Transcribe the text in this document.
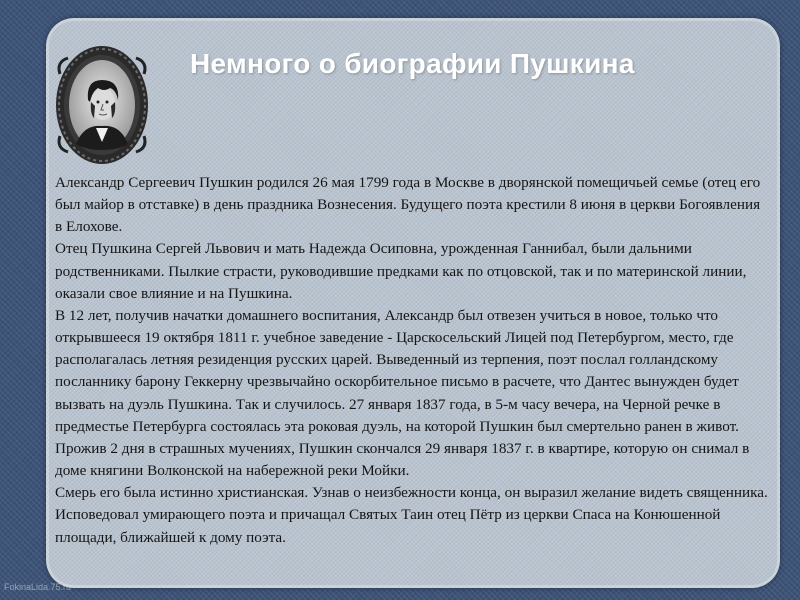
Немного о биографии Пушкина

Александр Сергеевич Пушкин родился 26 мая 1799 года в Москве в дворянской помещичьей семье (отец его был майор в отставке) в день праздника Вознесения. Будущего поэта крестили 8 июня в церкви Богоявления в Елохове.

Отец Пушкина Сергей Львович и мать Надежда Осиповна, урожденная Ганнибал, были дальними родственниками. Пылкие страсти, руководившие предками как по отцовской, так и по материнской линии, оказали свое влияние и на Пушкина.

В 12 лет, получив начатки домашнего воспитания, Александр был отвезен учиться в новое, только что открывшееся 19 октября 1811 г. учебное заведение - Царскосельский Лицей под Петербургом, место, где располагалась летняя резиденция русских царей. Выведенный из терпения, поэт послал голландскому посланнику барону Геккерну чрезвычайно оскорбительное письмо в расчете, что Дантес вынужден будет вызвать на дуэль Пушкина. Так и случилось. 27 января 1837 года, в 5-м часу вечера, на Черной речке в предместье Петербурга состоялась эта роковая дуэль, на которой Пушкин был смертельно ранен в живот. Прожив 2 дня в страшных мучениях, Пушкин скончался 29 января 1837 г. в квартире, которую он снимал в доме княгини Волконской на набережной реки Мойки.

Смерь его была истинно христианская. Узнав о неизбежности конца, он выразил желание видеть священника. Исповедовал умирающего поэта и причащал Святых Таин отец Пётр из церкви Спаса на Конюшенной площади, ближайшей к дому поэта.

FokinaLida.75.ru
